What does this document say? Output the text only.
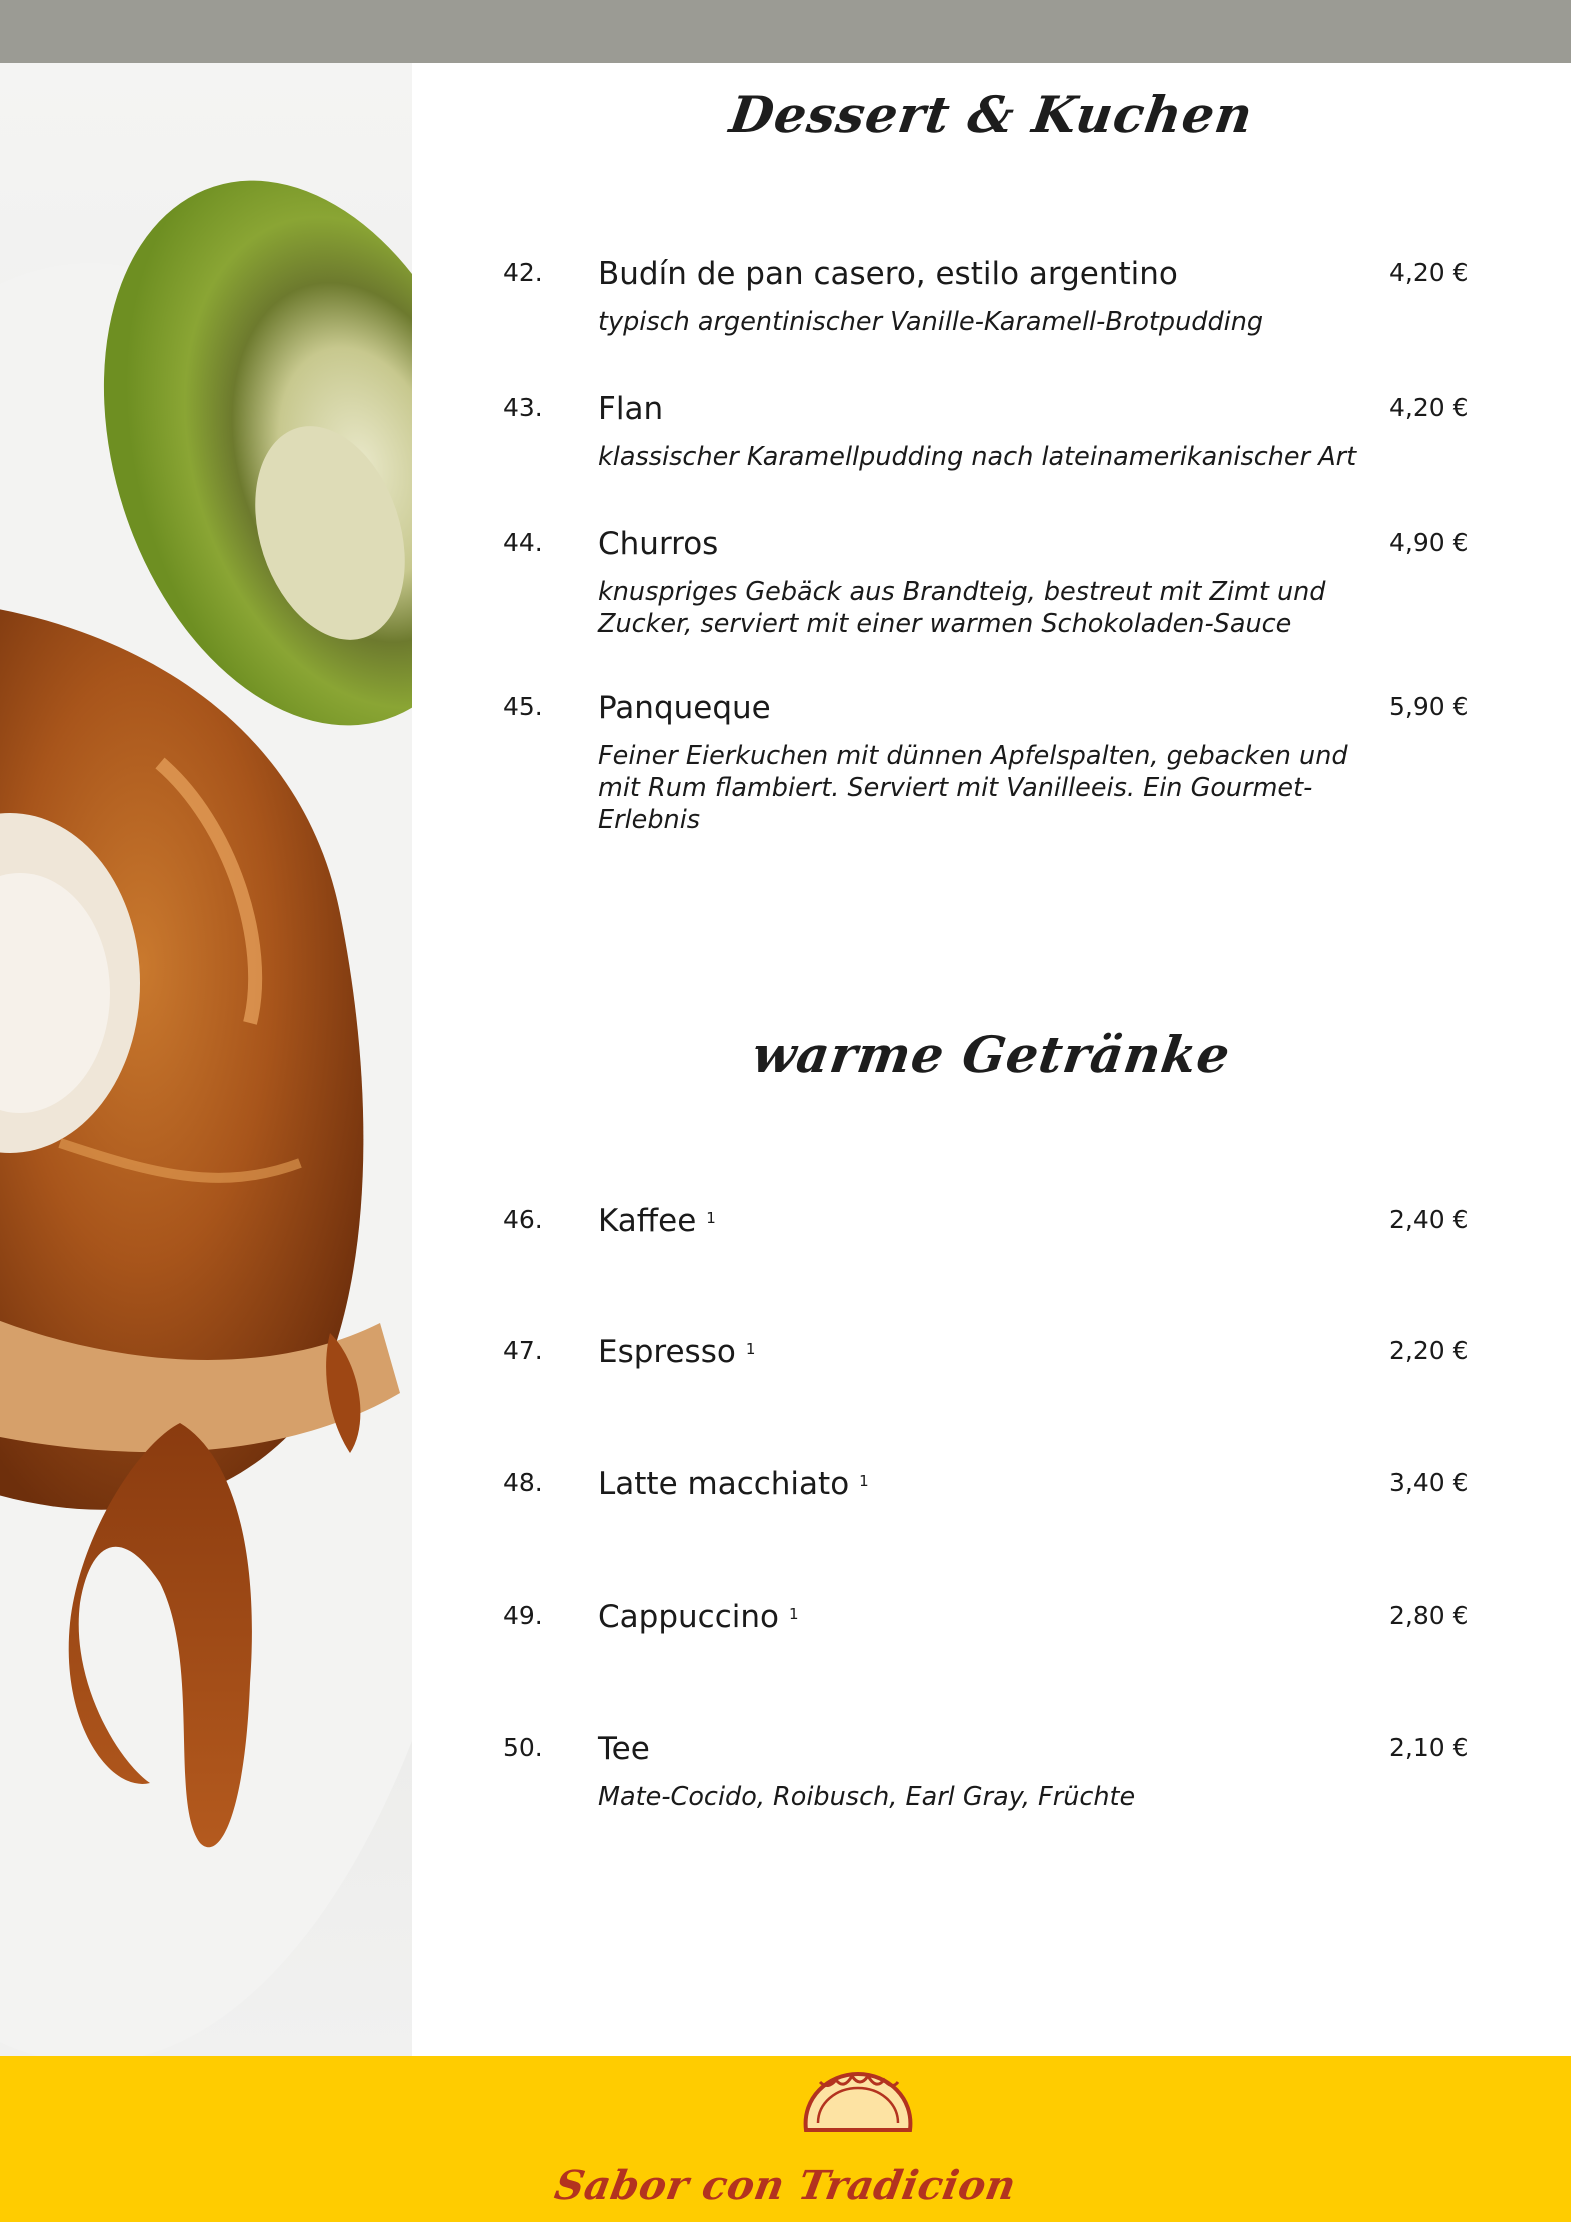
Dessert & Kuchen
42. Budín de pan casero, estilo argentino	4,20 €
typisch argentinischer Vanille-Karamell-Brotpudding
43. Flan	4,20 €
klassischer Karamellpudding nach lateinamerikanischer Art
44. Churros	4,90 €
knuspriges Gebäck aus Brandteig, bestreut mit Zimt und Zucker, serviert mit einer warmen Schokoladen-Sauce
45. Panqueque	5,90 €
Feiner Eierkuchen mit dünnen Apfelspalten, gebacken und mit Rum flambiert. Serviert mit Vanilleeis. Ein Gourmet-Erlebnis
warme Getränke
46. Kaffee $^1$	2,40 €
47. Espresso $^1$	2,20 €
48. Latte macchiato $^1$	3,40 €
49. Cappuccino $^1$	2,80 €
50. Tee	2,10 €
Mate-Cocido, Roibusch, Earl Gray, Früchte
Sabor con Tradicion
